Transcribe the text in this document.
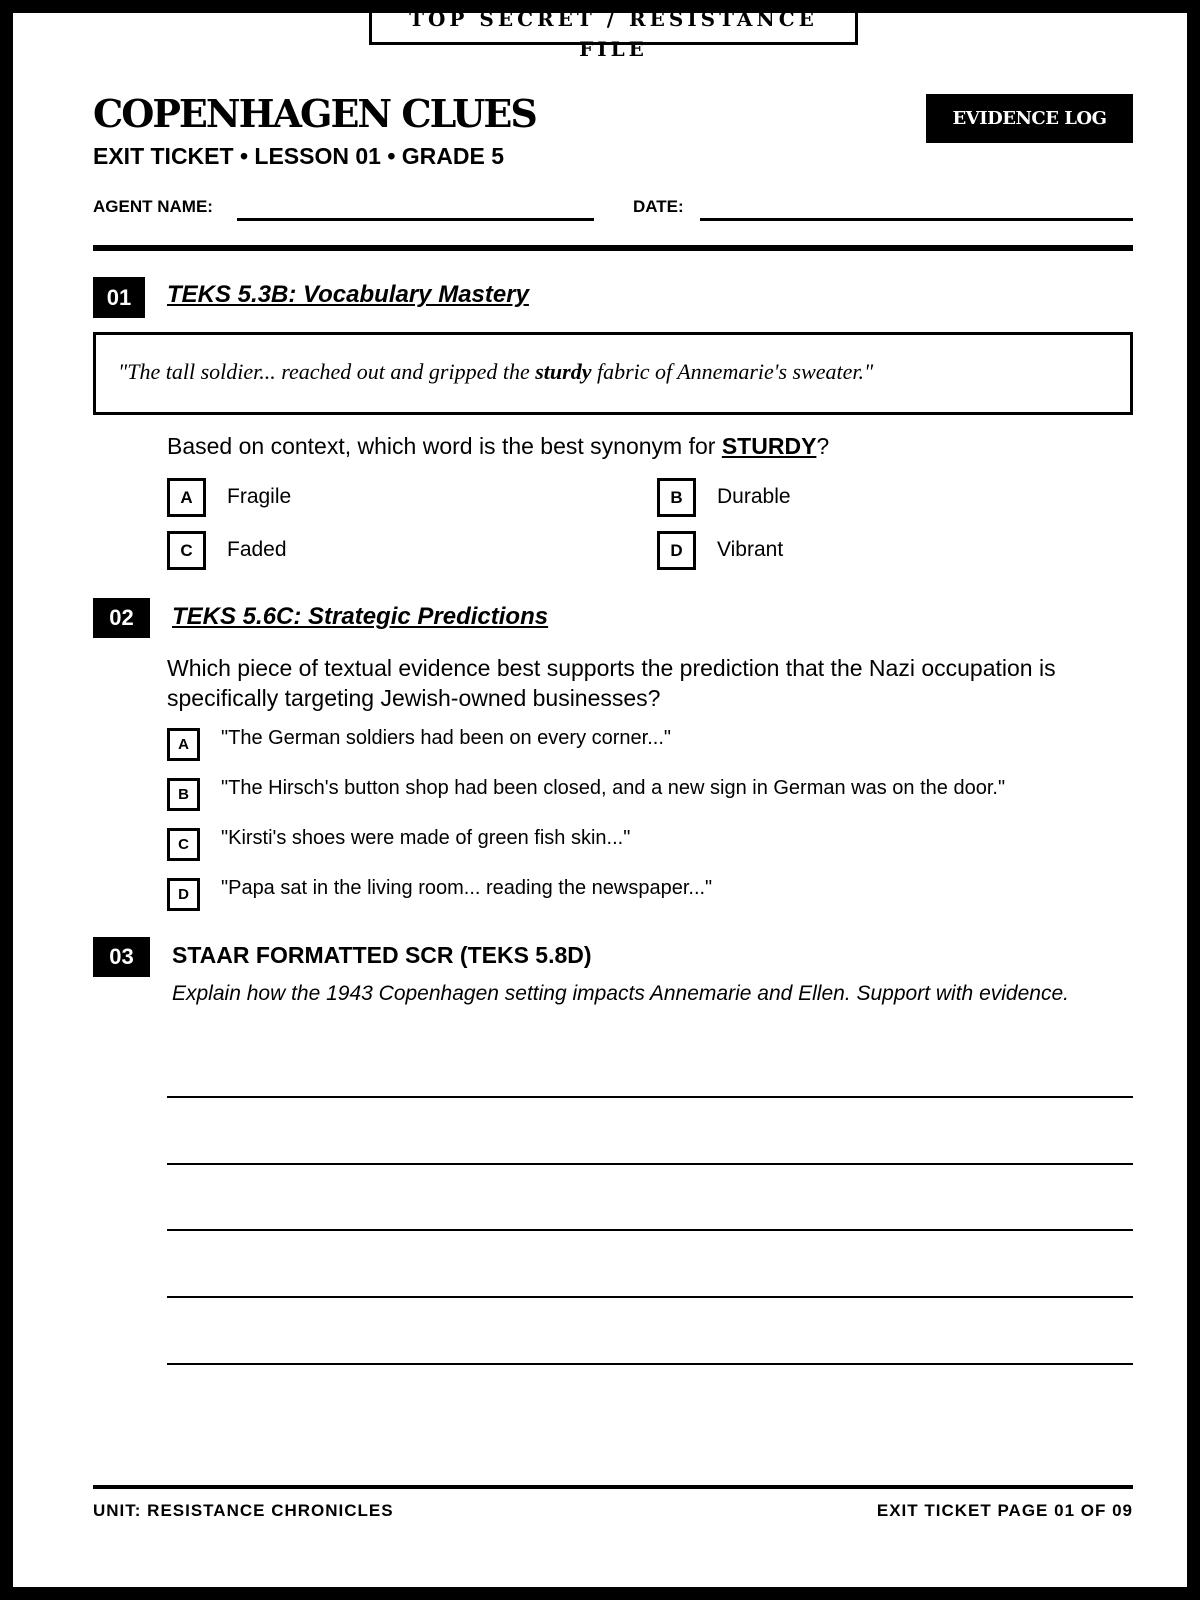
TOP SECRET / RESISTANCE FILE
COPENHAGEN CLUES
EXIT TICKET • LESSON 01 • GRADE 5
EVIDENCE LOG
AGENT NAME:	DATE:
01	TEKS 5.3B: Vocabulary Mastery
"The tall soldier... reached out and gripped the sturdy fabric of Annemarie's sweater."
Based on context, which word is the best synonym for STURDY?
A	Fragile	B	Durable
C	Faded	D	Vibrant
02	TEKS 5.6C: Strategic Predictions
Which piece of textual evidence best supports the prediction that the Nazi occupation is specifically targeting Jewish-owned businesses?
A	"The German soldiers had been on every corner..."
B	"The Hirsch's button shop had been closed, and a new sign in German was on the door."
C	"Kirsti's shoes were made of green fish skin..."
D	"Papa sat in the living room... reading the newspaper..."
03	STAAR FORMATTED SCR (TEKS 5.8D)
Explain how the 1943 Copenhagen setting impacts Annemarie and Ellen. Support with evidence.
UNIT: RESISTANCE CHRONICLES	EXIT TICKET PAGE 01 OF 09
